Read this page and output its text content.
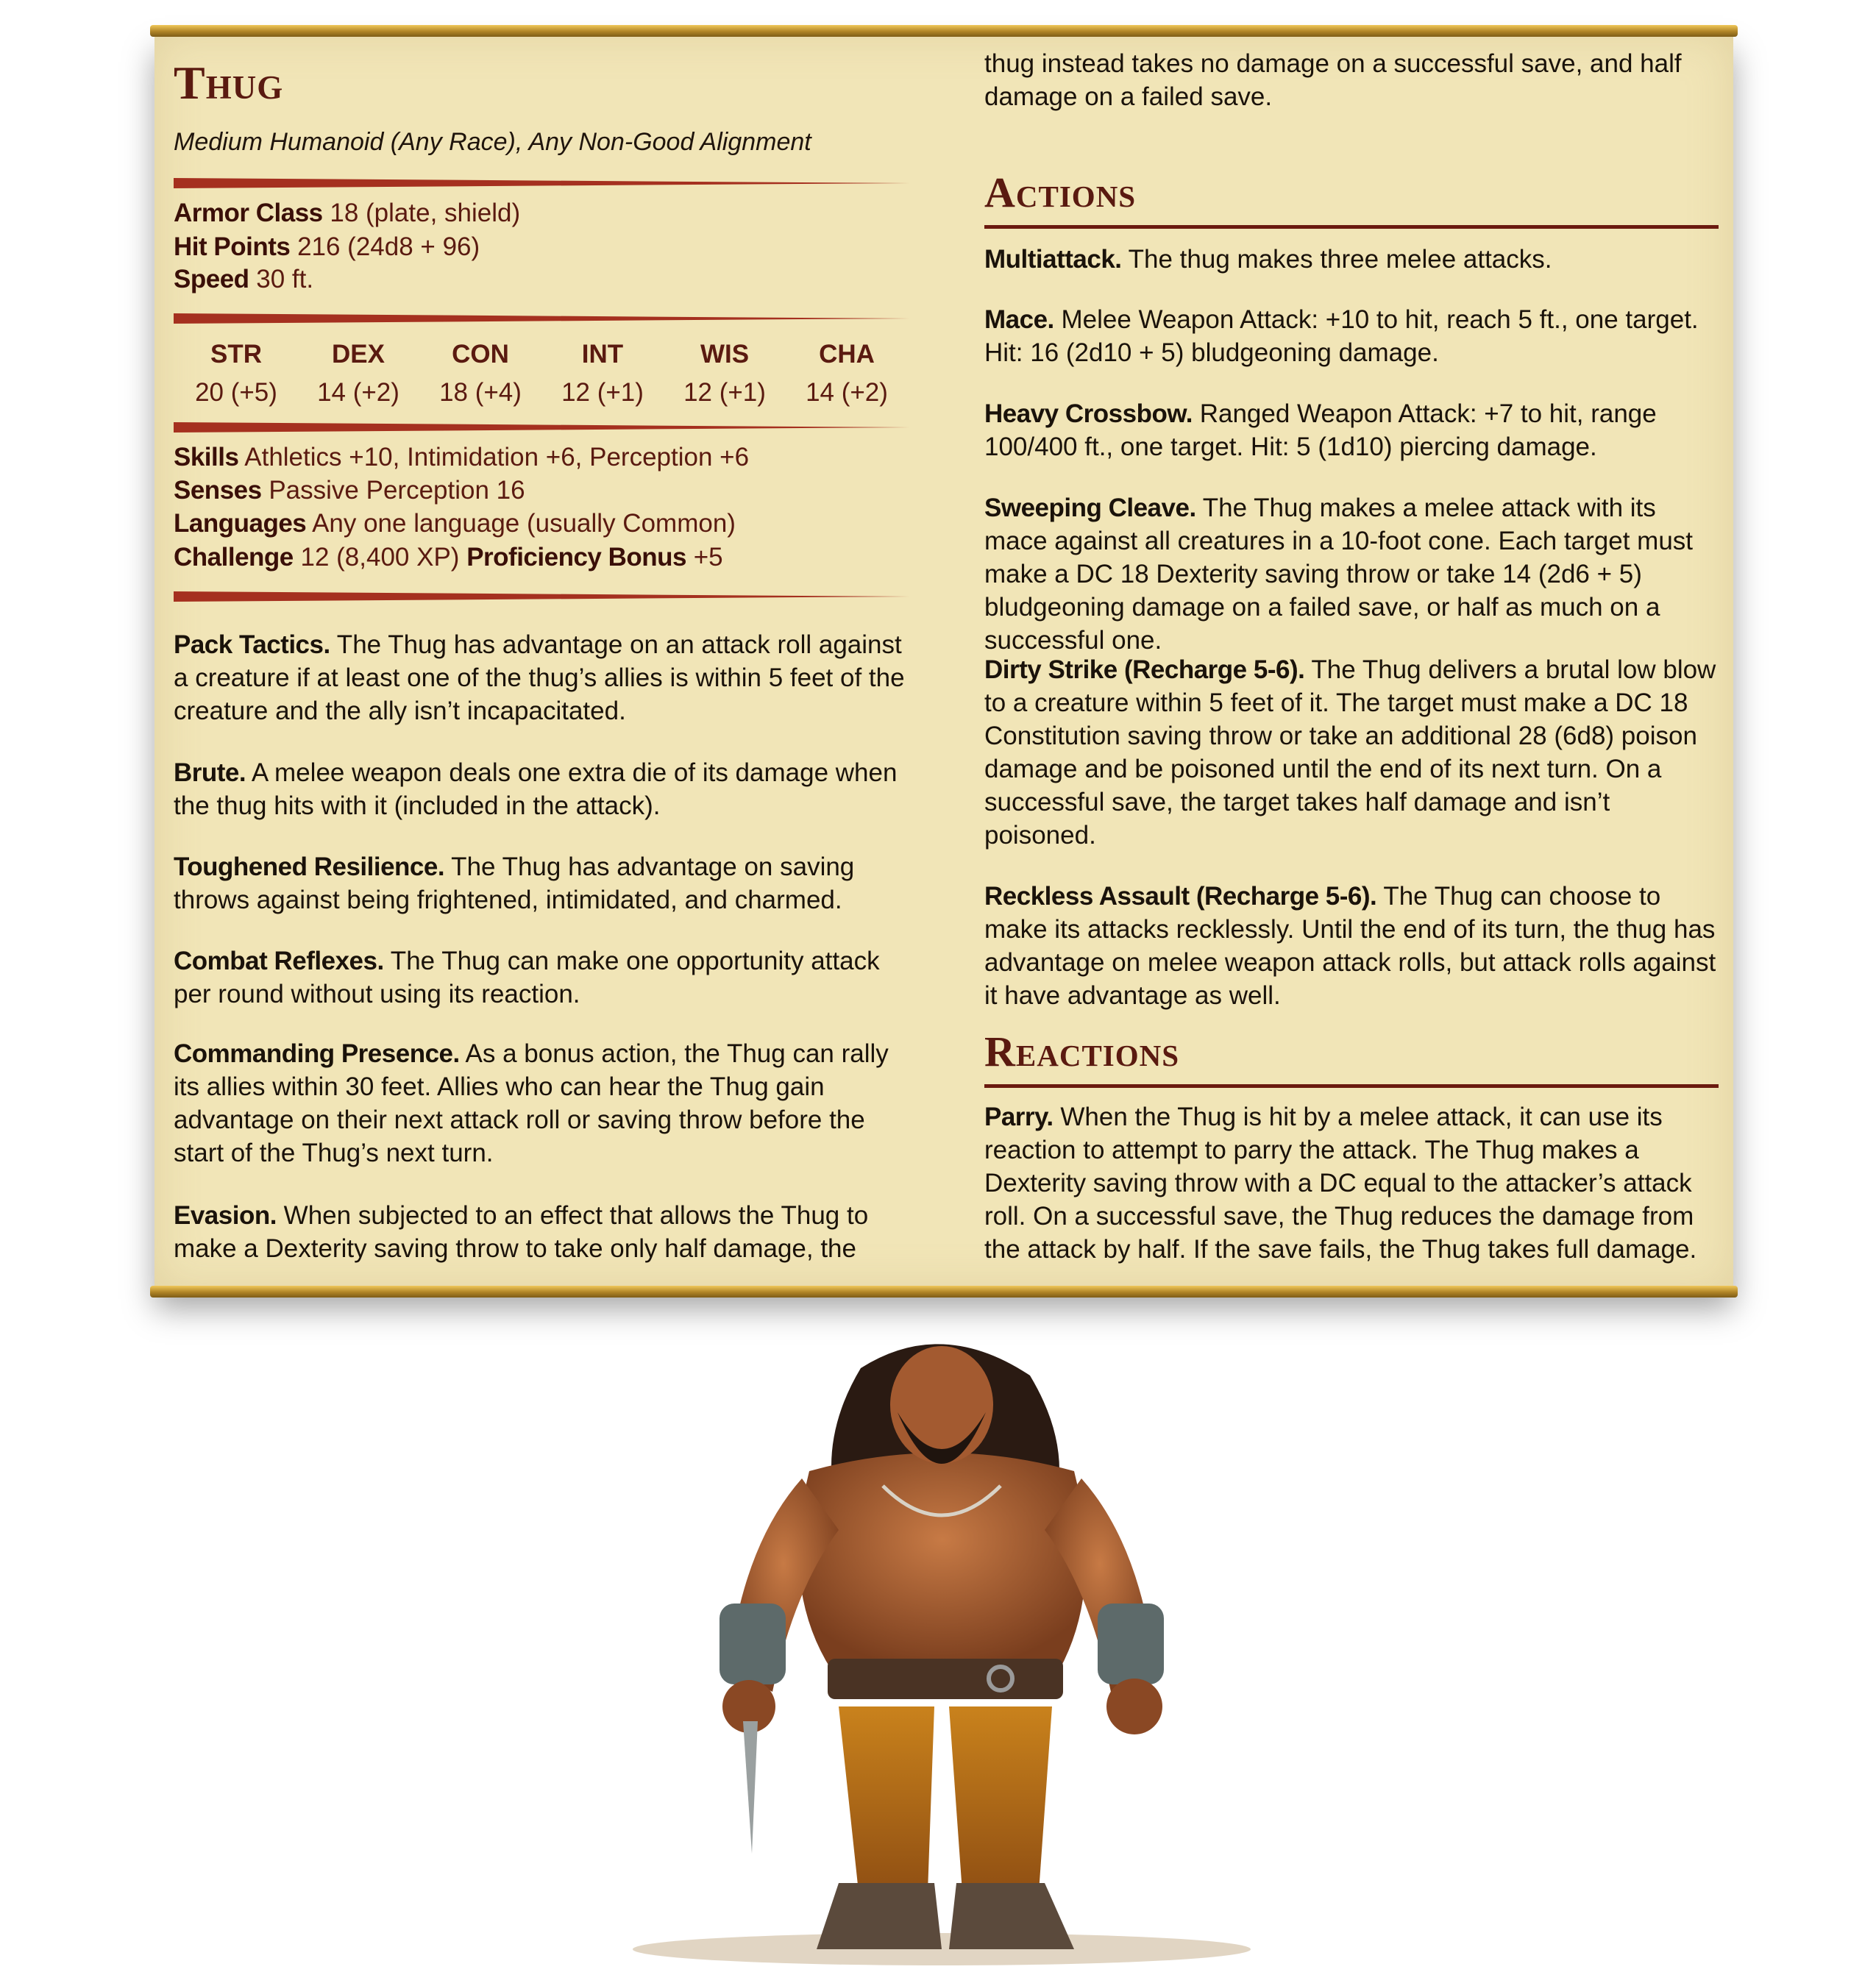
Thug
Medium Humanoid (Any Race), Any Non-Good Alignment
Armor Class 18 (plate, shield)
Hit Points 216 (24d8 + 96)
Speed 30 ft.
STR
20 (+5)
DEX
14 (+2)
CON
18 (+4)
INT
12 (+1)
WIS
12 (+1)
CHA
14 (+2)
Skills Athletics +10, Intimidation +6, Perception +6
Senses Passive Perception 16
Languages Any one language (usually Common)
Challenge 12 (8,400 XP) Proficiency Bonus +5

Pack Tactics. The Thug has advantage on an attack roll against a creature if at least one of the thug’s allies is within 5 feet of the creature and the ally isn’t incapacitated.

Brute. A melee weapon deals one extra die of its damage when the thug hits with it (included in the attack).

Toughened Resilience. The Thug has advantage on saving throws against being frightened, intimidated, and charmed.

Combat Reflexes. The Thug can make one opportunity attack per round without using its reaction.

Commanding Presence. As a bonus action, the Thug can rally its allies within 30 feet. Allies who can hear the Thug gain advantage on their next attack roll or saving throw before the start of the Thug’s next turn.

Evasion. When subjected to an effect that allows the Thug to make a Dexterity saving throw to take only half damage, the

thug instead takes no damage on a successful save, and half damage on a failed save.

Actions

Multiattack. The thug makes three melee attacks.

Mace. Melee Weapon Attack: +10 to hit, reach 5 ft., one target. Hit: 16 (2d10 + 5) bludgeoning damage.

Heavy Crossbow. Ranged Weapon Attack: +7 to hit, range 100/400 ft., one target. Hit: 5 (1d10) piercing damage.

Sweeping Cleave. The Thug makes a melee attack with its mace against all creatures in a 10-foot cone. Each target must make a DC 18 Dexterity saving throw or take 14 (2d6 + 5) bludgeoning damage on a failed save, or half as much on a successful one.

Dirty Strike (Recharge 5-6). The Thug delivers a brutal low blow to a creature within 5 feet of it. The target must make a DC 18 Constitution saving throw or take an additional 28 (6d8) poison damage and be poisoned until the end of its next turn. On a successful save, the target takes half damage and isn’t poisoned.

Reckless Assault (Recharge 5-6). The Thug can choose to make its attacks recklessly. Until the end of its turn, the thug has advantage on melee weapon attack rolls, but attack rolls against it have advantage as well.

Reactions

Parry. When the Thug is hit by a melee attack, it can use its reaction to attempt to parry the attack. The Thug makes a Dexterity saving throw with a DC equal to the attacker’s attack roll. On a successful save, the Thug reduces the damage from the attack by half. If the save fails, the Thug takes full damage.
